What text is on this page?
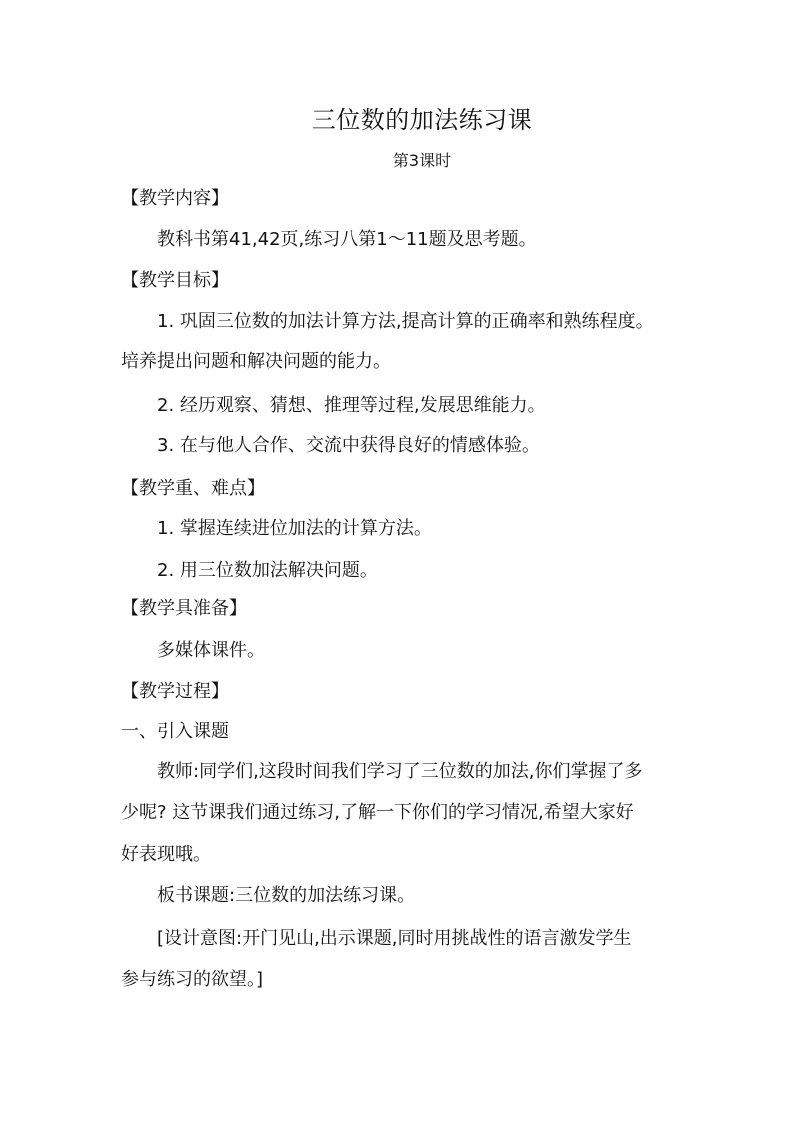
三位数的加法练习课
第3课时
【教学内容】
教科书第41,42页,练习八第1～11题及思考题。
【教学目标】
1. 巩固三位数的加法计算方法,提高计算的正确率和熟练程度。
培养提出问题和解决问题的能力。
2. 经历观察、猜想、推理等过程,发展思维能力。
3. 在与他人合作、交流中获得良好的情感体验。
【教学重、难点】
1. 掌握连续进位加法的计算方法。
2. 用三位数加法解决问题。
【教学具准备】
多媒体课件。
【教学过程】
一、引入课题
教师:同学们,这段时间我们学习了三位数的加法,你们掌握了多
少呢? 这节课我们通过练习,了解一下你们的学习情况,希望大家好
好表现哦。
板书课题:三位数的加法练习课。
[设计意图:开门见山,出示课题,同时用挑战性的语言激发学生
参与练习的欲望。]
